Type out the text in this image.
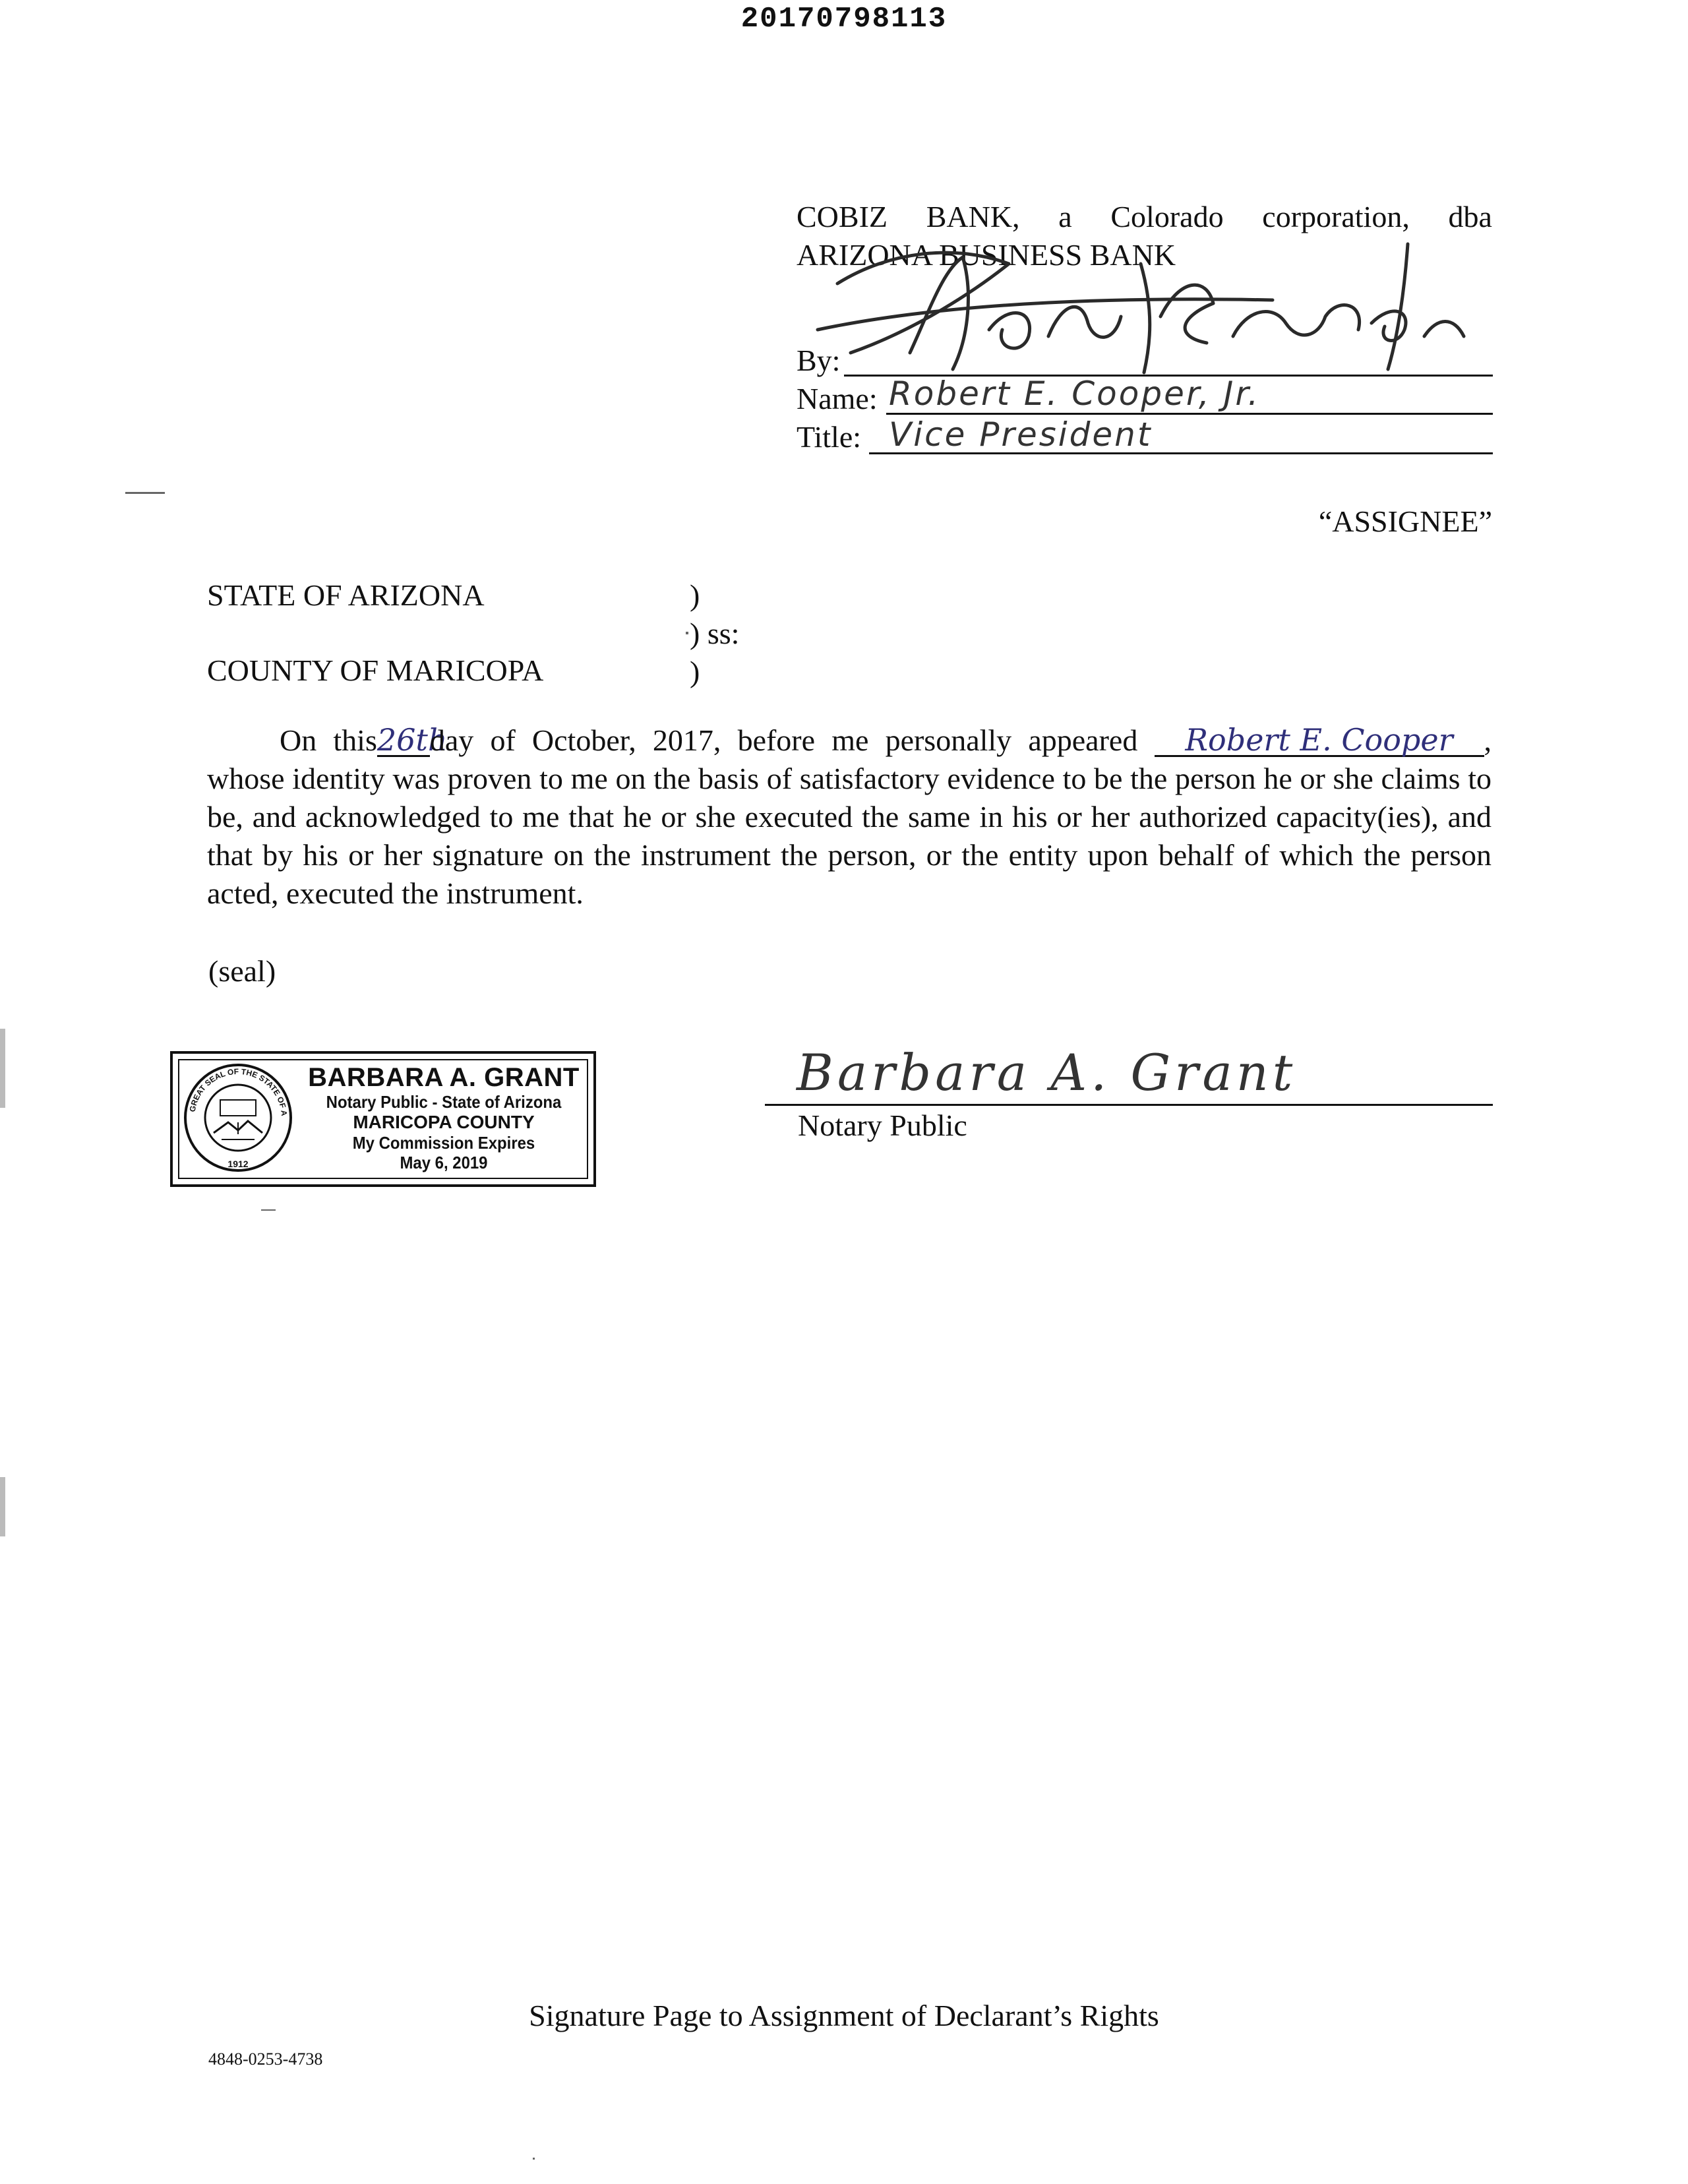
20170798113
COBIZ BANK, a Colorado corporation, dba
ARIZONA BUSINESS BANK
By:
Name:
Title:
Robert E. Cooper, Jr.
Vice President
“ASSIGNEE”
STATE OF ARIZONA
COUNTY OF MARICOPA
)
) ss:
)
On this26thday of October, 2017, before me personally appeared Robert E. Cooper , whose identity was proven to me on the basis of satisfactory evidence to be the person he or she claims to be, and acknowledged to me that he or she executed the same in his or her authorized capacity(ies), and that by his or her signature on the instrument the person, or the entity upon behalf of which the person acted, executed the instrument.
(seal)
GREAT SEAL OF THE STATE OF A
1912
BARBARA A. GRANT
Notary Public - State of Arizona
MARICOPA COUNTY
My Commission Expires
May 6, 2019
Barbara A. Grant
Notary Public
Signature Page to Assignment of Declarant’s Rights
4848-0253-4738
